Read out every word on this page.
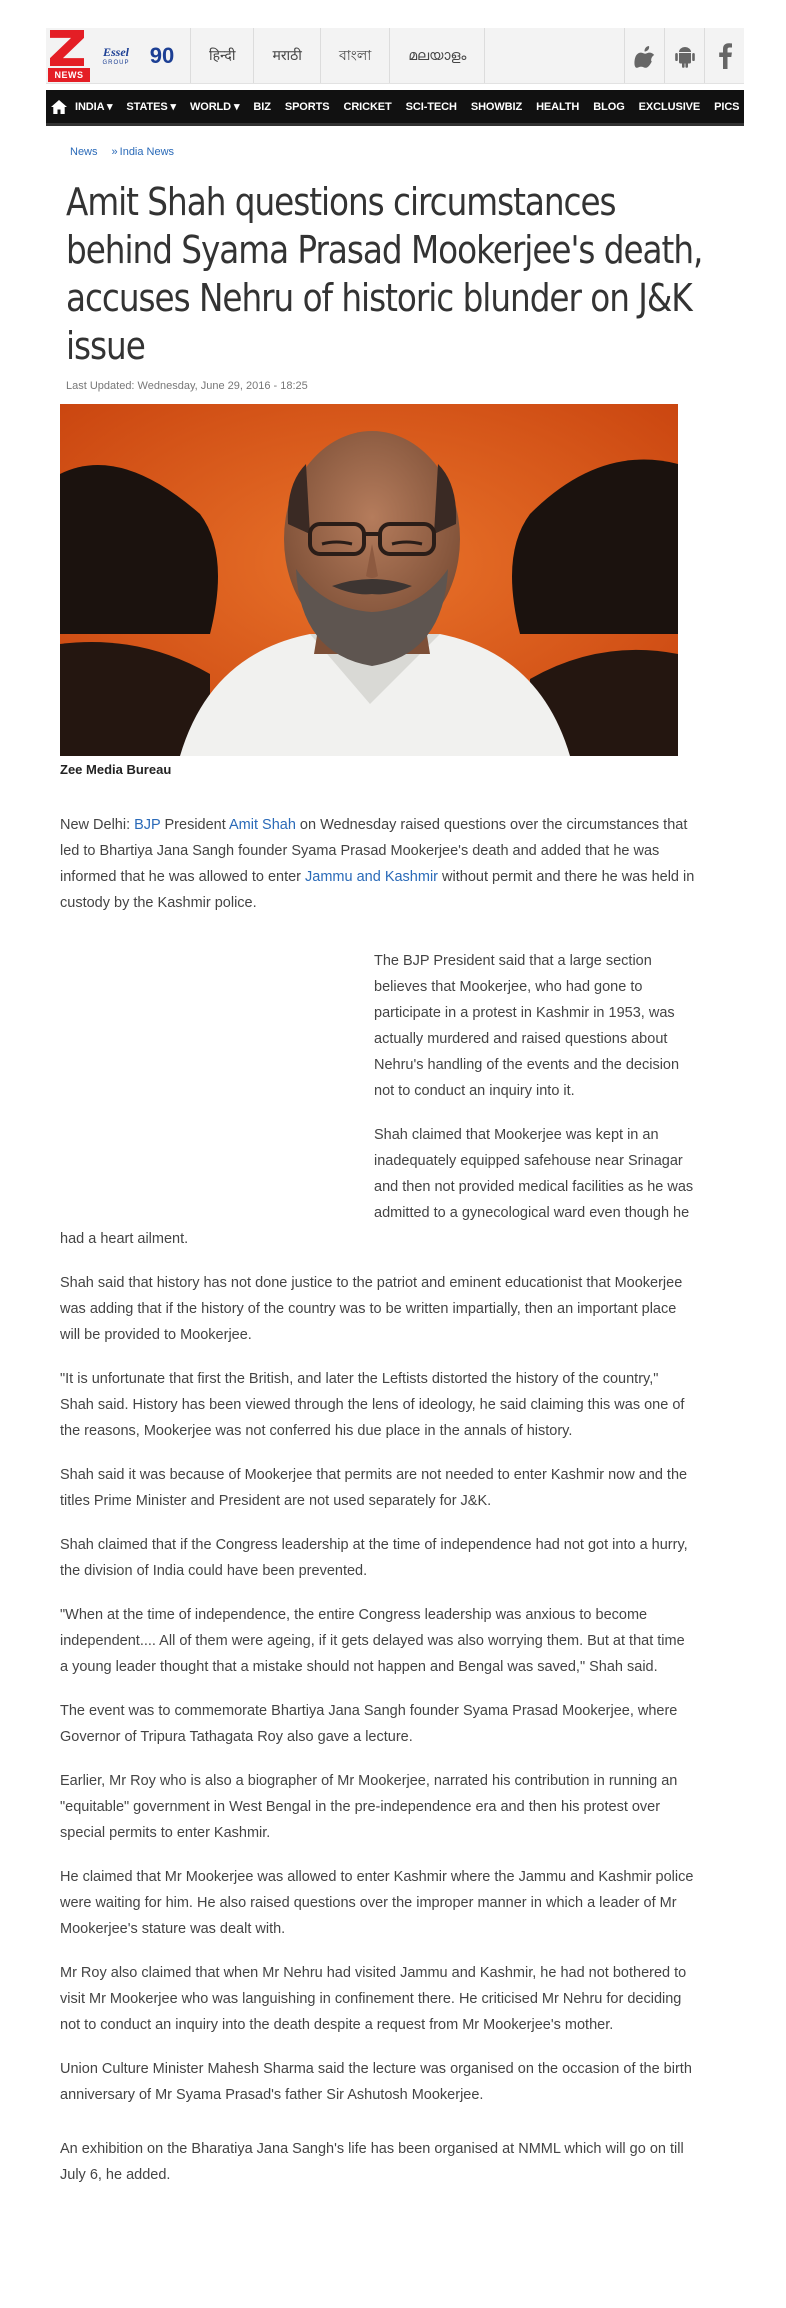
NEWS
Essel
GROUP 90	हिन्दी	मराठी	বাংলা	മലയാളം
INDIA ▾	STATES ▾	WORLD ▾	BIZ	SPORTS	CRICKET	SCI-TECH	SHOWBIZ	HEALTH	BLOG	EXCLUSIVE	PICS	VIDE
News » India News
Amit Shah questions circumstances behind Syama Prasad Mookerjee's death, accuses Nehru of historic blunder on J&K issue
Last Updated: Wednesday, June 29, 2016 - 18:25
Zee Media Bureau

New Delhi: BJP President Amit Shah on Wednesday raised questions over the circumstances that led to Bhartiya Jana Sangh founder Syama Prasad Mookerjee's death and added that he was informed that he was allowed to enter Jammu and Kashmir without permit and there he was held in custody by the Kashmir police.

The BJP President said that a large section believes that Mookerjee, who had gone to participate in a protest in Kashmir in 1953, was actually murdered and raised questions about Nehru's handling of the events and the decision not to conduct an inquiry into it.

Shah claimed that Mookerjee was kept in an inadequately equipped safehouse near Srinagar and then not provided medical facilities as he was admitted to a gynecological ward even though he had a heart ailment.

Shah said that history has not done justice to the patriot and eminent educationist that Mookerjee was adding that if the history of the country was to be written impartially, then an important place will be provided to Mookerjee.

"It is unfortunate that first the British, and later the Leftists distorted the history of the country," Shah said. History has been viewed through the lens of ideology, he said claiming this was one of the reasons, Mookerjee was not conferred his due place in the annals of history.

Shah said it was because of Mookerjee that permits are not needed to enter Kashmir now and the titles Prime Minister and President are not used separately for J&K.

Shah claimed that if the Congress leadership at the time of independence had not got into a hurry, the division of India could have been prevented.

"When at the time of independence, the entire Congress leadership was anxious to become independent.... All of them were ageing, if it gets delayed was also worrying them. But at that time a young leader thought that a mistake should not happen and Bengal was saved," Shah said.

The event was to commemorate Bhartiya Jana Sangh founder Syama Prasad Mookerjee, where Governor of Tripura Tathagata Roy also gave a lecture.

Earlier, Mr Roy who is also a biographer of Mr Mookerjee, narrated his contribution in running an "equitable" government in West Bengal in the pre-independence era and then his protest over special permits to enter Kashmir.

He claimed that Mr Mookerjee was allowed to enter Kashmir where the Jammu and Kashmir police were waiting for him. He also raised questions over the improper manner in which a leader of Mr Mookerjee's stature was dealt with.

Mr Roy also claimed that when Mr Nehru had visited Jammu and Kashmir, he had not bothered to visit Mr Mookerjee who was languishing in confinement there. He criticised Mr Nehru for deciding not to conduct an inquiry into the death despite a request from Mr Mookerjee's mother.

Union Culture Minister Mahesh Sharma said the lecture was organised on the occasion of the birth anniversary of Mr Syama Prasad's father Sir Ashutosh Mookerjee.

An exhibition on the Bharatiya Jana Sangh's life has been organised at NMML which will go on till July 6, he added.
